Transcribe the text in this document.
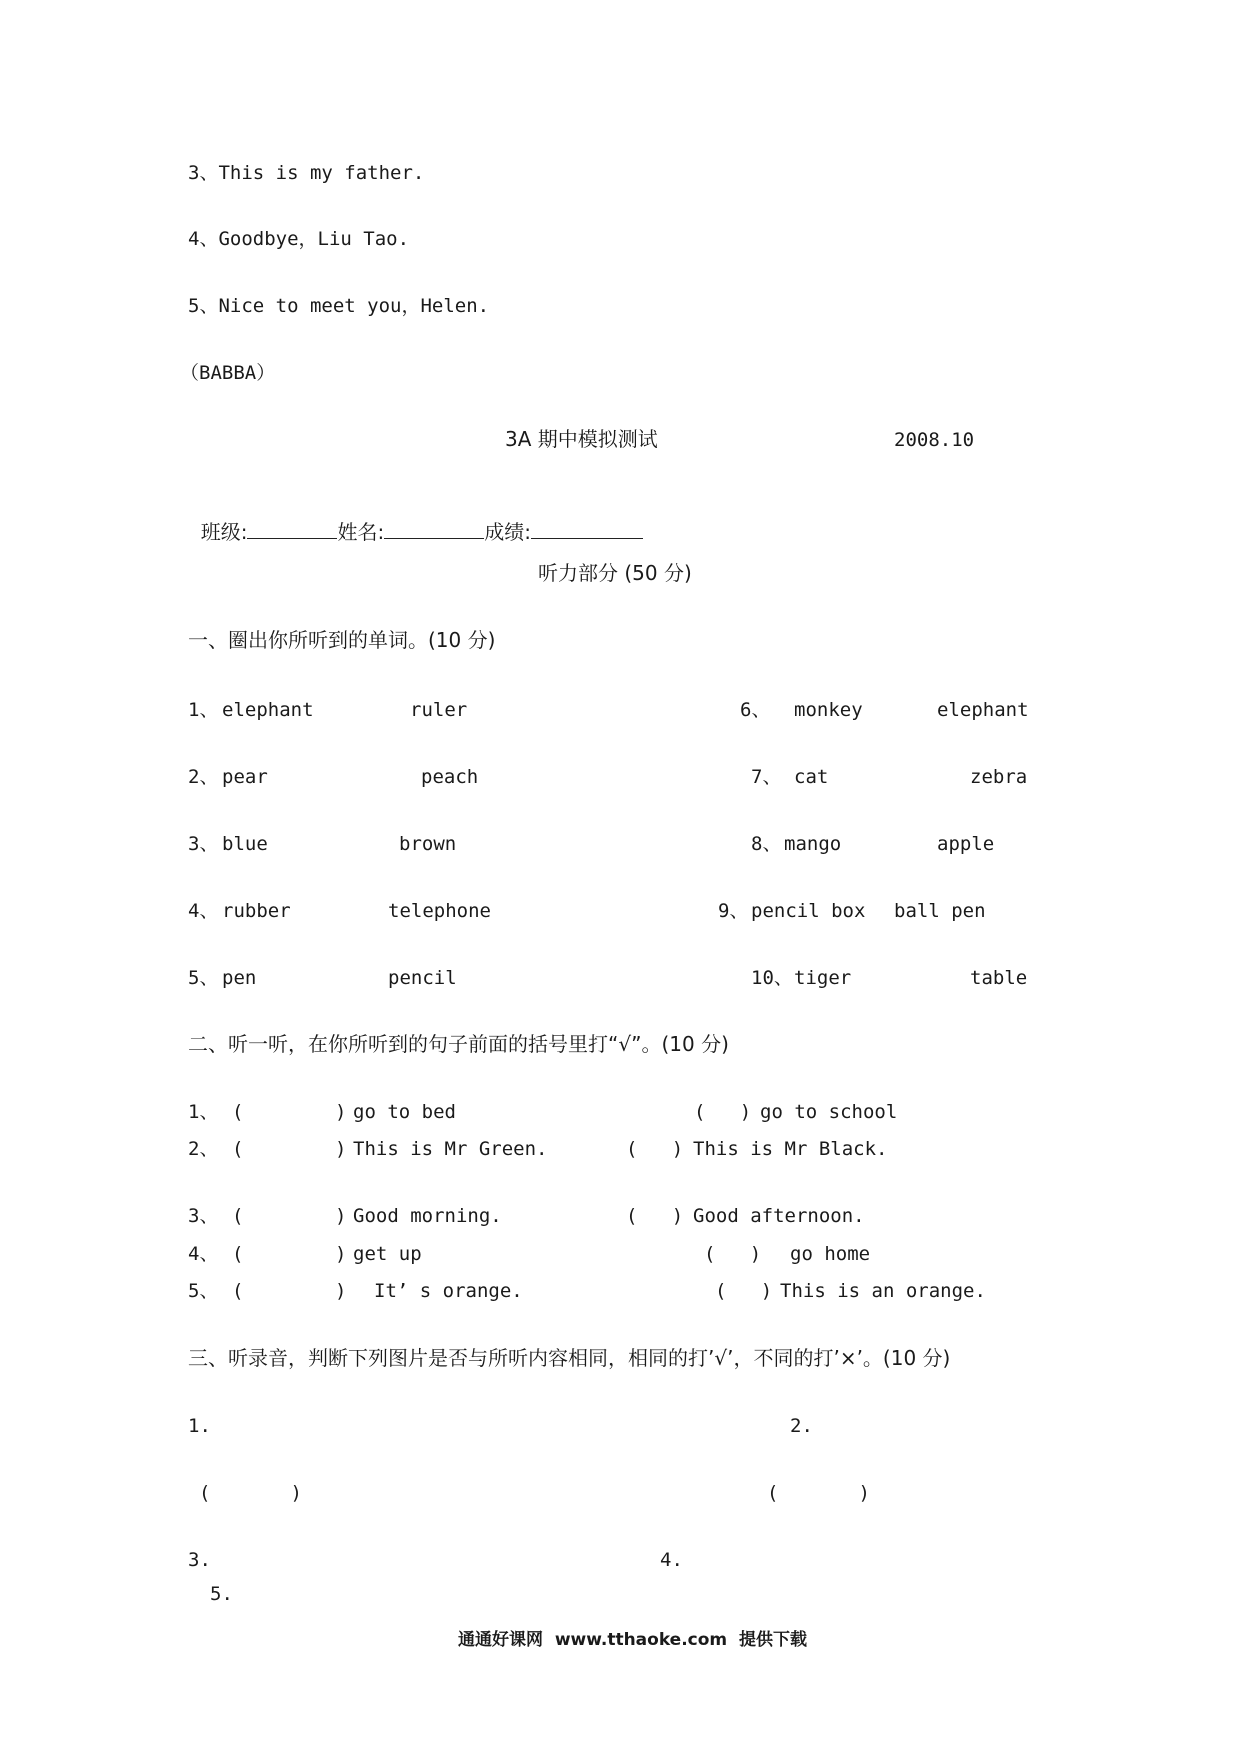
3、This is my father.
4、Goodbye，Liu Tao.
5、Nice to meet you，Helen.
（BABBA）
3A 期中模拟测试	2008.10

班级:	姓名:	成绩:

听力部分 (50 分)
一、圈出你所听到的单词。(10 分)
1、 elephant	ruler	6、 monkey	elephant
2、 pear	peach	7、 cat	zebra
3、 blue	brown	8、 mango	apple
4、 rubber	telephone	9、 pencil box ball pen
5、 pen	pencil	10、 tiger	table
二、听一听，在你所听到的句子前面的括号里打“√”。(10 分)
1、 (        ) go to bed	(   ) go to school
2、 (        ) This is Mr Green.	(   ) This is Mr Black.
3、 (        ) Good morning.	(   ) Good afternoon.
4、 (        ) get up	(   ) go home
5、 (        ) It’ s orange.	(   ) This is an orange.
三、听录音，判断下列图片是否与所听内容相同，相同的打’√’，不同的打’×’。(10 分)
1.	2.
(       )	(       )
3.	4.
5.
通通好课网  www.tthaoke.com  提供下载
